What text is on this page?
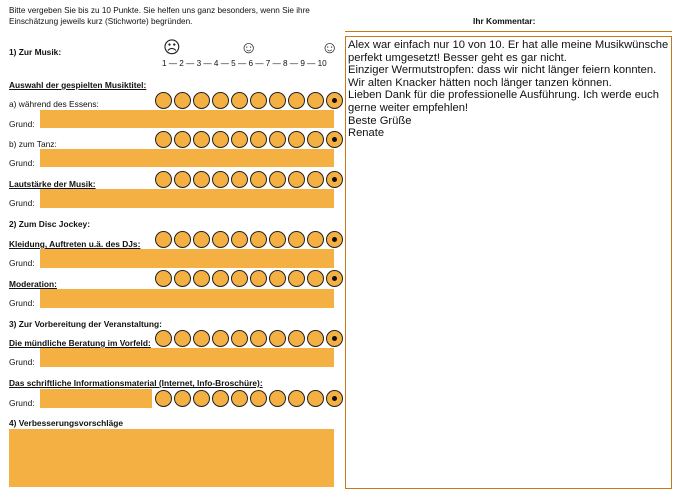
Bitte vergeben Sie bis zu 10 Punkte. Sie helfen uns ganz besonders, wenn Sie ihre Einschätzung jeweils kurz (Stichworte) begründen.
☹	☺	☺
1 — 2 — 3 — 4 — 5 — 6 — 7 — 8 — 9 — 10
1) Zur Musik:
Auswahl der gespielten Musiktitel:
a) während des Essens:
Grund:
b) zum Tanz:
Grund:
Lautstärke der Musik:
Grund:
2) Zum Disc Jockey:
Kleidung, Auftreten u.ä. des DJs:
Grund:
Moderation:
Grund:
3) Zur Vorbereitung der Veranstaltung:
Die mündliche Beratung im Vorfeld:
Grund:
Das schriftliche Informationsmaterial (Internet, Info-Broschüre):
Grund:
4) Verbesserungsvorschläge
Ihr Kommentar:
Alex war einfach nur 10 von 10. Er hat alle meine Musikwünsche perfekt umgesetzt! Besser geht es gar nicht.
Einziger Wermutstropfen: dass wir nicht länger feiern konnten. Wir alten Knacker hätten noch länger tanzen können.
Lieben Dank für die professionelle Ausführung. Ich werde euch gerne weiter empfehlen!
Beste Grüße
Renate
